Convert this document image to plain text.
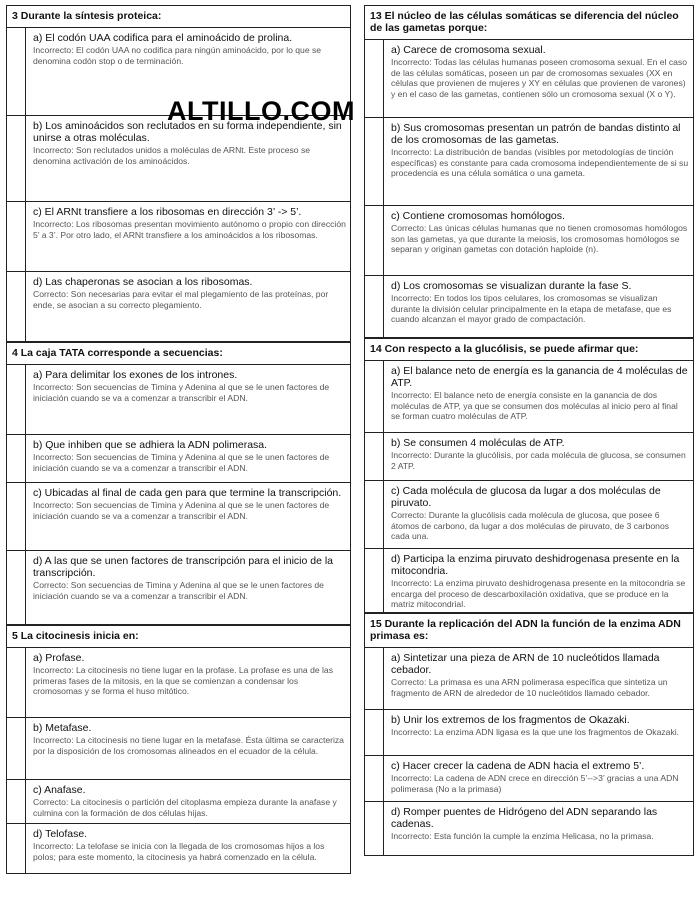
3 Durante la síntesis proteica:
a) El codón UAA codifica para el aminoácido de prolina.
Incorrecto: El codón UAA no codifica para ningún aminoácido, por lo que se denomina codón stop o de terminación.
b) Los aminoácidos son reclutados en su forma independiente, sin unirse a otras moléculas.
Incorrecto: Son reclutados unidos a moléculas de ARNt. Este proceso se denomina activación de los aminoácidos.
c) El ARNt transfiere a los ribosomas en dirección 3’ -> 5’.
Incorrecto: Los ribosomas presentan movimiento autónomo o propio con dirección 5’ a 3’. Por otro lado, el ARNt transfiere a los aminoácidos a los ribosomas.
d) Las chaperonas se asocian a los ribosomas.
Correcto: Son necesarias para evitar el mal plegamiento de las proteínas, por ende, se asocian a su correcto plegamiento.
4 La caja TATA corresponde a secuencias:
a) Para delimitar los exones de los intrones.
Incorrecto: Son secuencias de Timina y Adenina al que se le unen factores de iniciación cuando se va a comenzar a transcribir el ADN.
b) Que inhiben que se adhiera la ADN polimerasa.
Incorrecto: Son secuencias de Timina y Adenina al que se le unen factores de iniciación cuando se va a comenzar a transcribir el ADN.
c) Ubicadas al final de cada gen para que termine la transcripción.
Incorrecto: Son secuencias de Timina y Adenina al que se le unen factores de iniciación cuando se va a comenzar a transcribir el ADN.
d) A las que se unen factores de transcripción para el inicio de la transcripción.
Correcto: Son secuencias de Timina y Adenina al que se le unen factores de iniciación cuando se va a comenzar a transcribir el ADN.
5 La citocinesis inicia en:
a) Profase.
Incorrecto: La citocinesis no tiene lugar en la profase. La profase es una de las primeras fases de la mitosis, en la que se comienzan a condensar los cromosomas y se forma el huso mitótico.
b) Metafase.
Incorrecto: La citocinesis no tiene lugar en la metafase. Ésta última se caracteriza por la disposición de los cromosomas alineados en el ecuador de la célula.
c) Anafase.
Correcto: La citocinesis o partición del citoplasma empieza durante la anafase y culmina con la formación de dos células hijas.
d) Telofase.
Incorrecto: La telofase se inicia con la llegada de los cromosomas hijos a los polos; para este momento, la citocinesis ya habrá comenzado en la célula.
13 El núcleo de las células somáticas se diferencia del núcleo de las gametas porque:
a) Carece de cromosoma sexual.
Incorrecto: Todas las células humanas poseen cromosoma sexual. En el caso de las células somáticas, poseen un par de cromosomas sexuales (XX en células que provienen de mujeres y XY en células que provienen de varones) y en el caso de las gametas, contienen sólo un cromosoma sexual (X o Y).
b) Sus cromosomas presentan un patrón de bandas distinto al de los cromosomas de las gametas.
Incorrecto: La distribución de bandas (visibles por metodologías de tinción específicas) es constante para cada cromosoma independientemente de si su procedencia es una célula somática o una gameta.
c) Contiene cromosomas homólogos.
Correcto: Las únicas células humanas que no tienen cromosomas homólogos son las gametas, ya que durante la meiosis, los cromosomas homólogos se separan y originan gametas con dotación haploide (n).
d) Los cromosomas se visualizan durante la fase S.
Incorrecto: En todos los tipos celulares, los cromosomas se visualizan durante la división celular principalmente en la etapa de metafase, que es cuando alcanzan el mayor grado de compactación.
14 Con respecto a la glucólisis, se puede afirmar que:
a) El balance neto de energía es la ganancia de 4 moléculas de ATP.
Incorrecto: El balance neto de energía consiste en la ganancia de dos moléculas de ATP, ya que se consumen dos moléculas al inicio pero al final se forman cuatro moléculas de ATP.
b) Se consumen 4 moléculas de ATP.
Incorrecto: Durante la glucólisis, por cada molécula de glucosa, se consumen 2 ATP.
c) Cada molécula de glucosa da lugar a dos moléculas de piruvato.
Correcto: Durante la glucólisis cada molécula de glucosa, que posee 6 átomos de carbono, da lugar a dos moléculas de piruvato, de 3 carbonos cada una.
d) Participa la enzima piruvato deshidrogenasa presente en la mitocondria.
Incorrecto: La enzima piruvato deshidrogenasa presente en la mitocondria se encarga del proceso de descarboxilación oxidativa, que se produce en la matriz mitocondrial.
15 Durante la replicación del ADN la función de la enzima ADN primasa es:
a) Sintetizar una pieza de ARN de 10 nucleótidos llamada cebador.
Correcto: La primasa es una ARN polimerasa específica que sintetiza un fragmento de ARN de alrededor de 10 nucleótidos llamado cebador.
b) Unir los extremos de los fragmentos de Okazaki.
Incorrecto: La enzima ADN ligasa es la que une los fragmentos de Okazaki.
c) Hacer crecer la cadena de ADN hacia el extremo 5’.
Incorrecto: La cadena de ADN crece en dirección 5’-->3’ gracias a una ADN polimerasa (No a la primasa)
d) Romper puentes de Hidrógeno del ADN separando las cadenas.
Incorrecto: Esta función la cumple la enzima Helicasa, no la primasa.
ALTILLO.COM
